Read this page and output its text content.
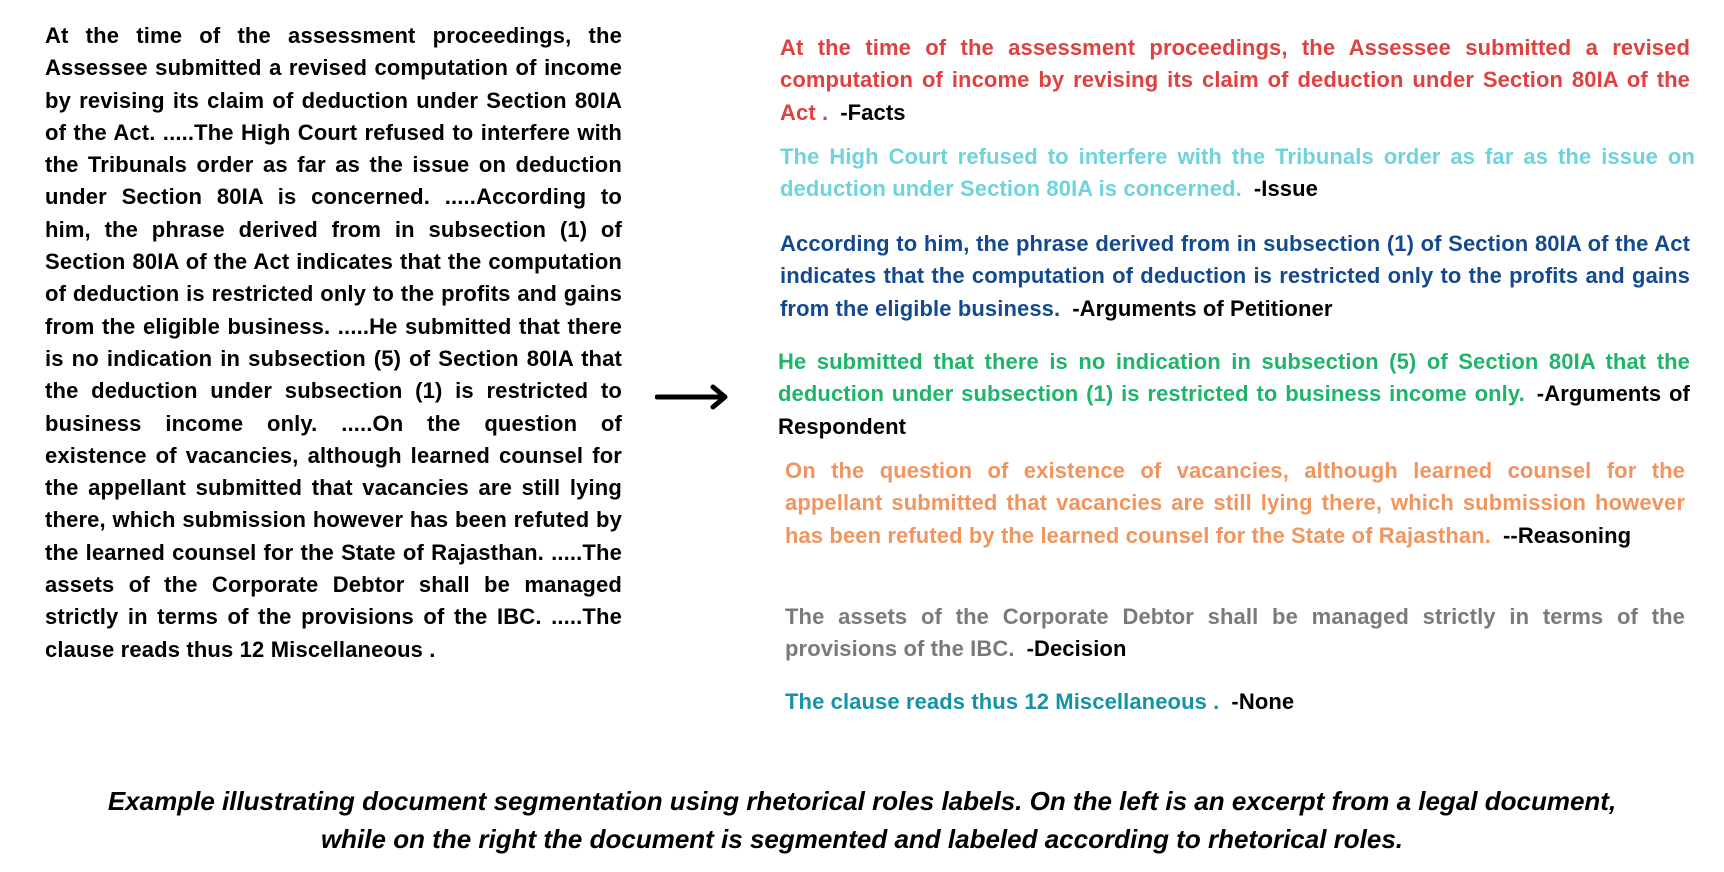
At the time of the assessment proceedings, the Assessee submitted a revised computation of income by revising its claim of deduction under Section 80IA of the Act. .....The High Court refused to interfere with the Tribunals order as far as the issue on deduction under Section 80IA is concerned. .....According to him, the phrase derived from in subsection (1) of Section 80IA of the Act indicates that the computation of deduction is restricted only to the profits and gains from the eligible business. .....He submitted that there is no indication in subsection (5) of Section 80IA that the deduction under subsection (1) is restricted to business income only. .....On the question of existence of vacancies, although learned counsel for the appellant submitted that vacancies are still lying there, which submission however has been refuted by the learned counsel for the State of Rajasthan. .....The assets of the Corporate Debtor shall be managed strictly in terms of the provisions of the IBC. .....The clause reads thus 12 Miscellaneous .
At the time of the assessment proceedings, the Assessee submitted a revised computation of income by revising its claim of deduction under Section 80IA of the Act . -Facts
The High Court refused to interfere with the Tribunals order as far as the issue on deduction under Section 80IA is concerned. -Issue
According to him, the phrase derived from in subsection (1) of Section 80IA of the Act indicates that the computation of deduction is restricted only to the profits and gains from the eligible business. -Arguments of Petitioner
He submitted that there is no indication in subsection (5) of Section 80IA that the deduction under subsection (1) is restricted to business income only. -Arguments of Respondent
On the question of existence of vacancies, although learned counsel for the appellant submitted that vacancies are still lying there, which submission however has been refuted by the learned counsel for the State of Rajasthan. --Reasoning
The assets of the Corporate Debtor shall be managed strictly in terms of the provisions of the IBC. -Decision
The clause reads thus 12 Miscellaneous . -None
Example illustrating document segmentation using rhetorical roles labels. On the left is an excerpt from a legal document, while on the right the document is segmented and labeled according to rhetorical roles.
